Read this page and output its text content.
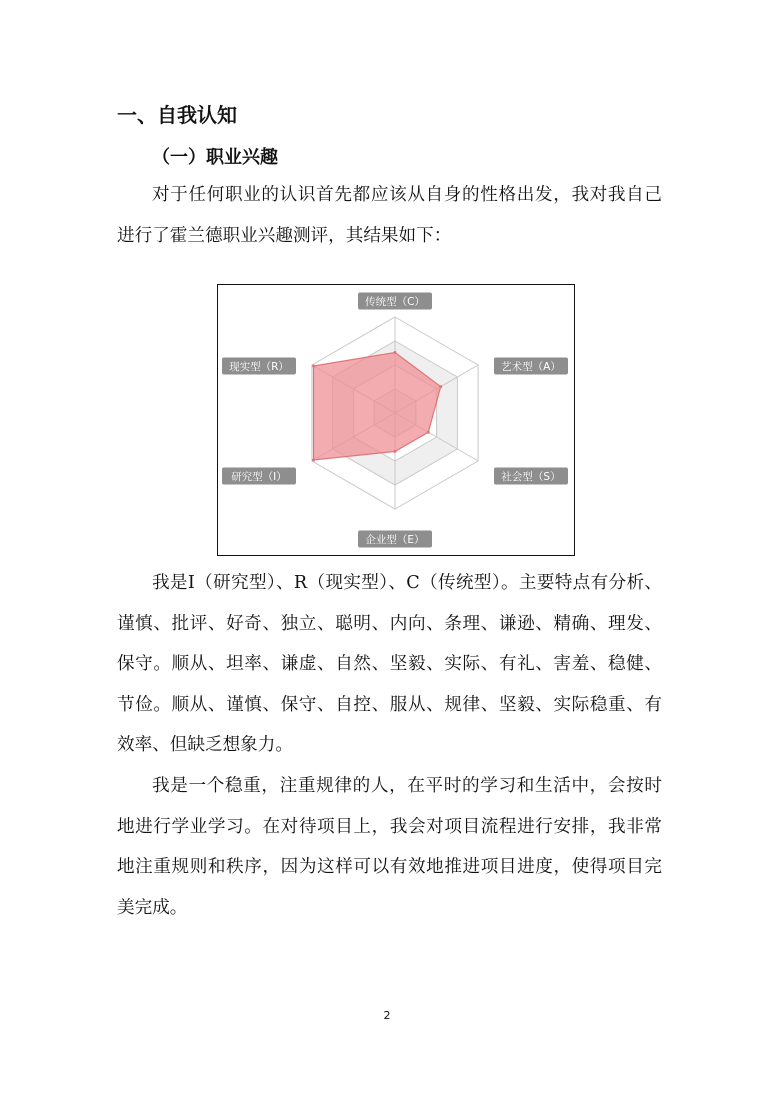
一、自我认知
（一）职业兴趣

对于任何职业的认识首先都应该从自身的性格出发，我对我自己进行了霍兰德职业兴趣测评，其结果如下：

传统型（C）
艺术型（A）
社会型（S）
企业型（E）
研究型（I）
现实型（R）

我是I（研究型）、R（现实型）、C（传统型）。主要特点有分析、谨慎、批评、好奇、独立、聪明、内向、条理、谦逊、精确、理发、保守。顺从、坦率、谦虚、自然、坚毅、实际、有礼、害羞、稳健、节俭。顺从、谨慎、保守、自控、服从、规律、坚毅、实际稳重、有效率、但缺乏想象力。

我是一个稳重，注重规律的人，在平时的学习和生活中，会按时地进行学业学习。在对待项目上，我会对项目流程进行安排，我非常地注重规则和秩序，因为这样可以有效地推进项目进度，使得项目完美完成。

2
